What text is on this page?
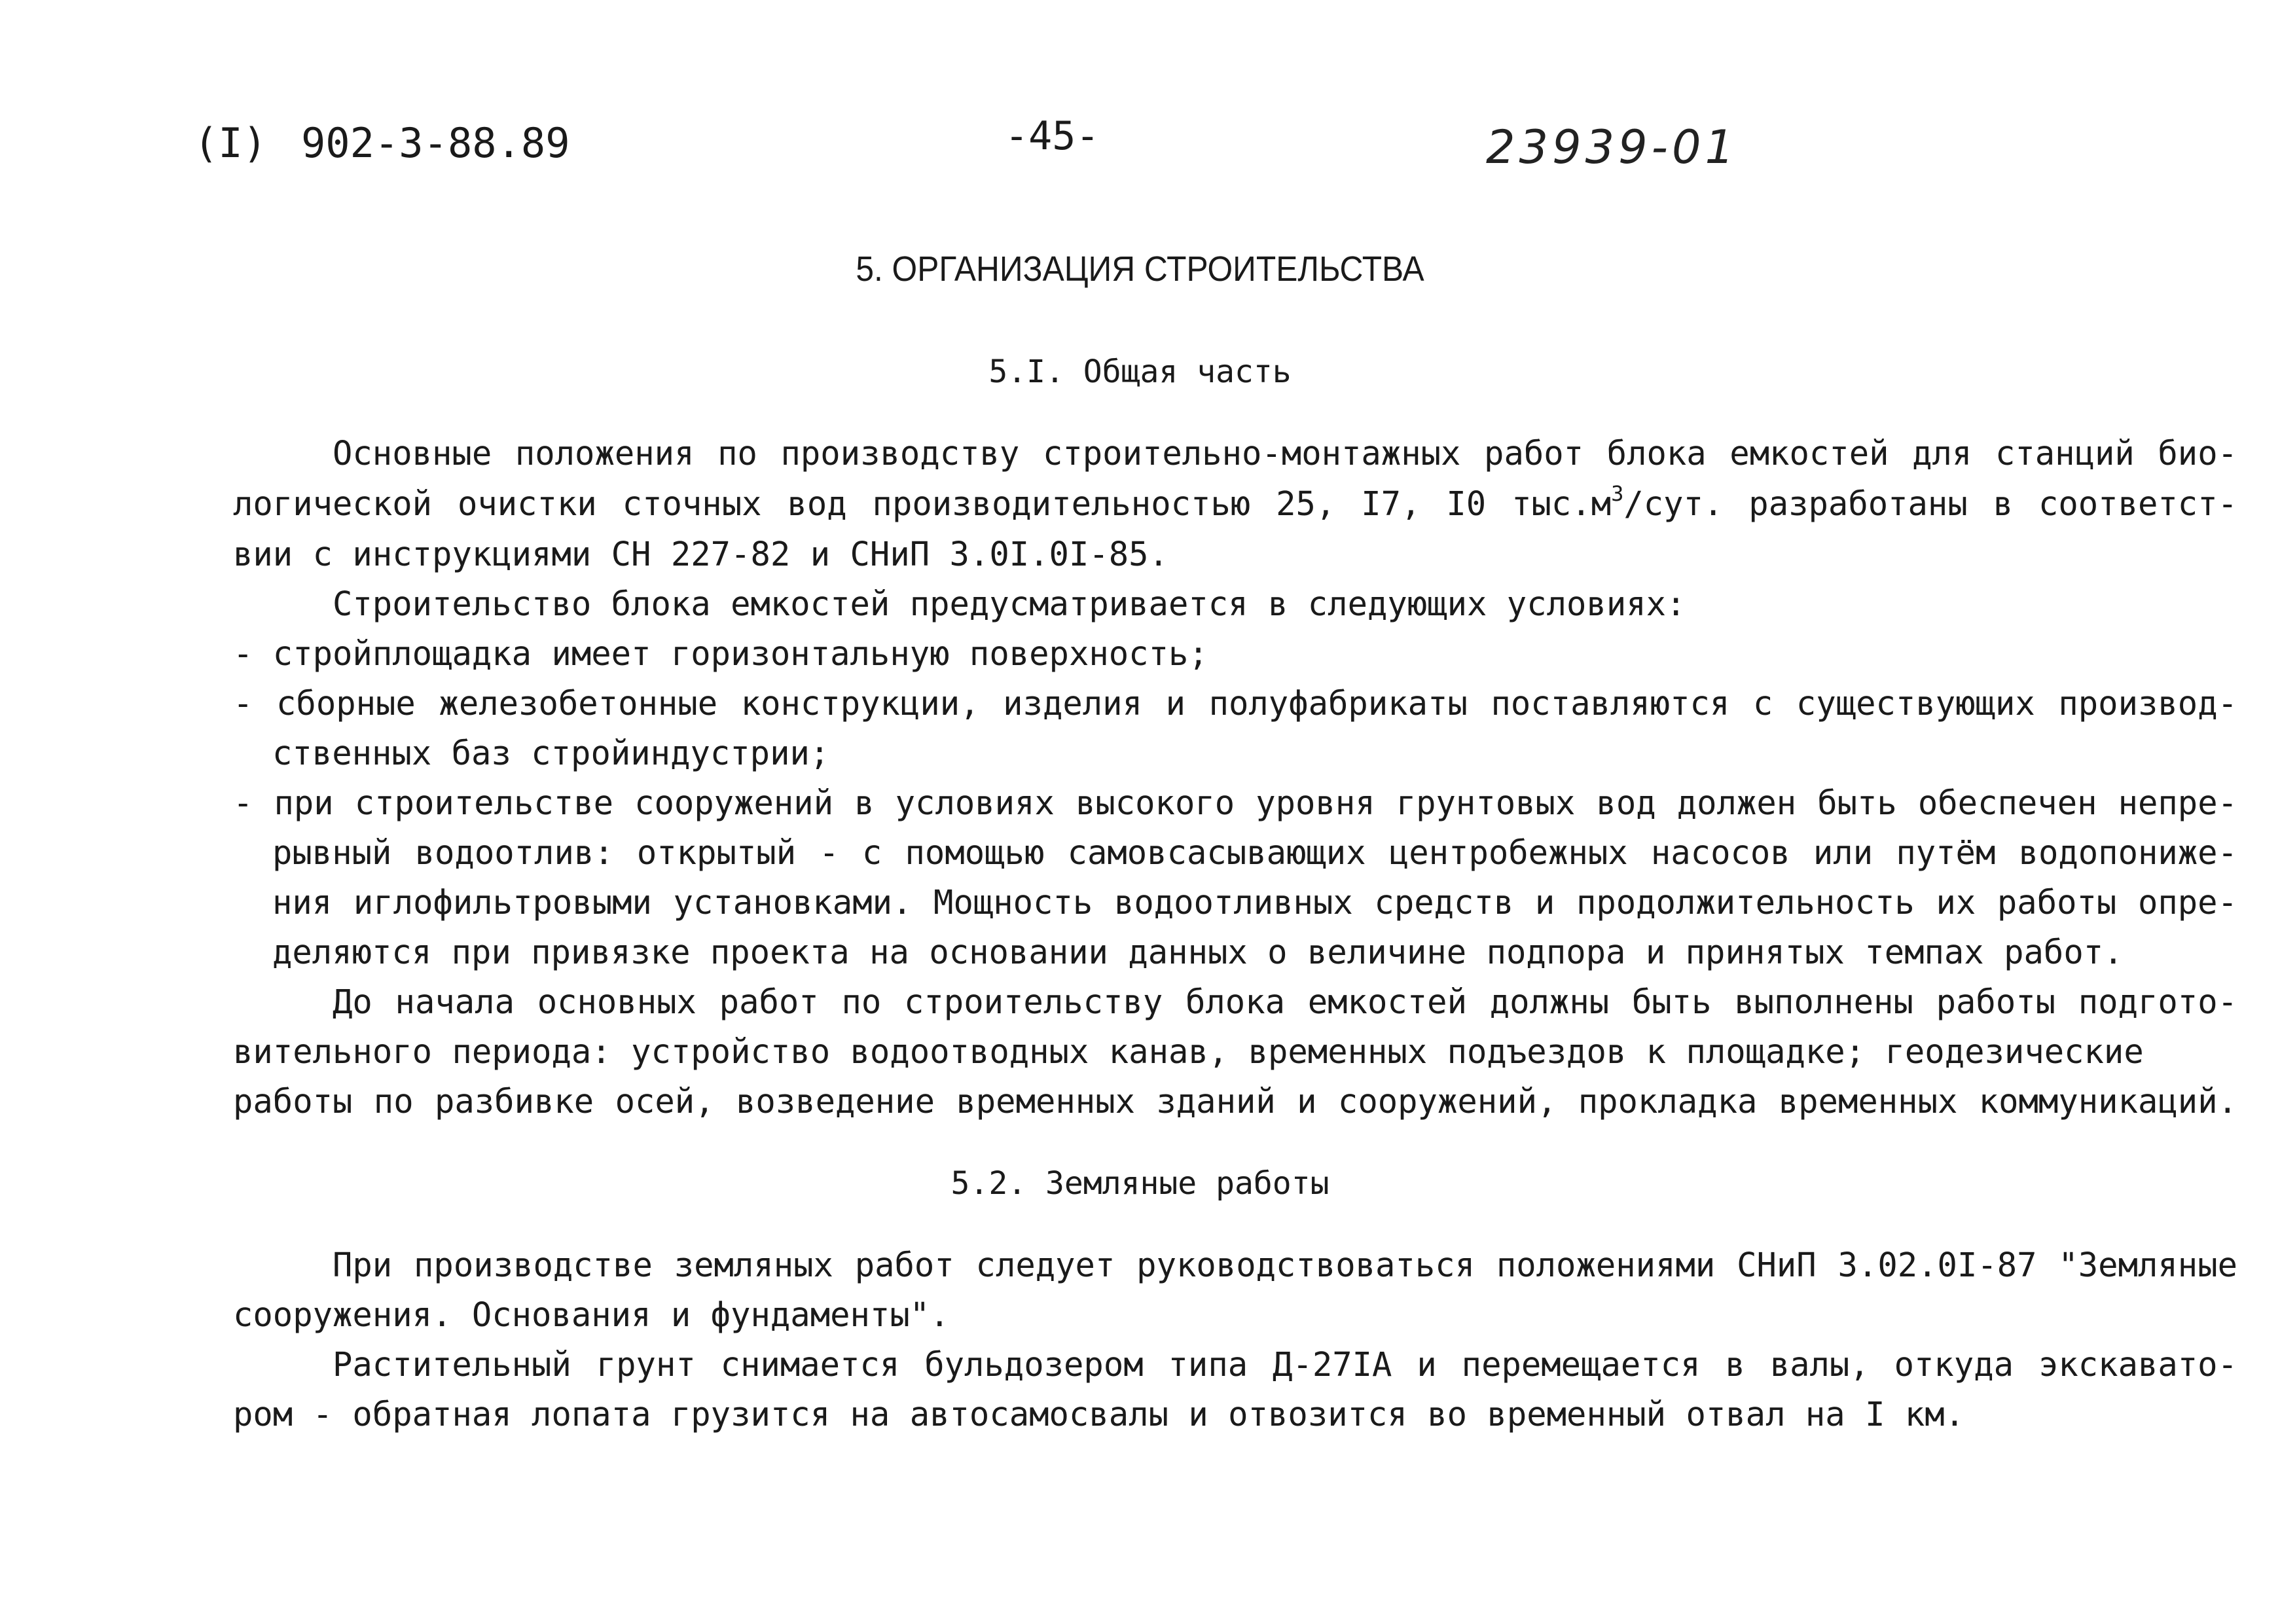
(I) 902-3-88.89	-45-	23939-01
5. ОРГАНИЗАЦИЯ СТРОИТЕЛЬСТВА
5.I. Общая часть
Основные положения по производству строительно-монтажных работ блока емкостей для станций био-
логической очистки сточных вод производительностью 25, I7, I0 $тыс.м^3$/сут. разработаны в соответст-
вии с инструкциями СН 227-82 и СНиП 3.0I.0I-85.
Строительство блока емкостей предусматривается в следующих условиях:
- стройплощадка имеет горизонтальную поверхность;
- сборные железобетонные конструкции, изделия и полуфабрикаты поставляются с существующих производ-
ственных баз стройиндустрии;
- при строительстве сооружений в условиях высокого уровня грунтовых вод должен быть обеспечен непре-
рывный водоотлив: открытый - с помощью самовсасывающих центробежных насосов или путём водопониже-
ния иглофильтровыми установками. Мощность водоотливных средств и продолжительность их работы опре-
деляются при привязке проекта на основании данных о величине подпора и принятых темпах работ.
До начала основных работ по строительству блока емкостей должны быть выполнены работы подгото-
вительного периода: устройство водоотводных канав, временных подъездов к площадке; геодезические
работы по разбивке осей, возведение временных зданий и сооружений, прокладка временных коммуникаций.
5.2. Земляные работы
При производстве земляных работ следует руководствоваться положениями СНиП 3.02.0I-87 "Земляные
сооружения. Основания и фундаменты".
Растительный грунт снимается бульдозером типа Д-27IА и перемещается в валы, откуда экскавато-
ром - обратная лопата грузится на автосамосвалы и отвозится во временный отвал на I км.
